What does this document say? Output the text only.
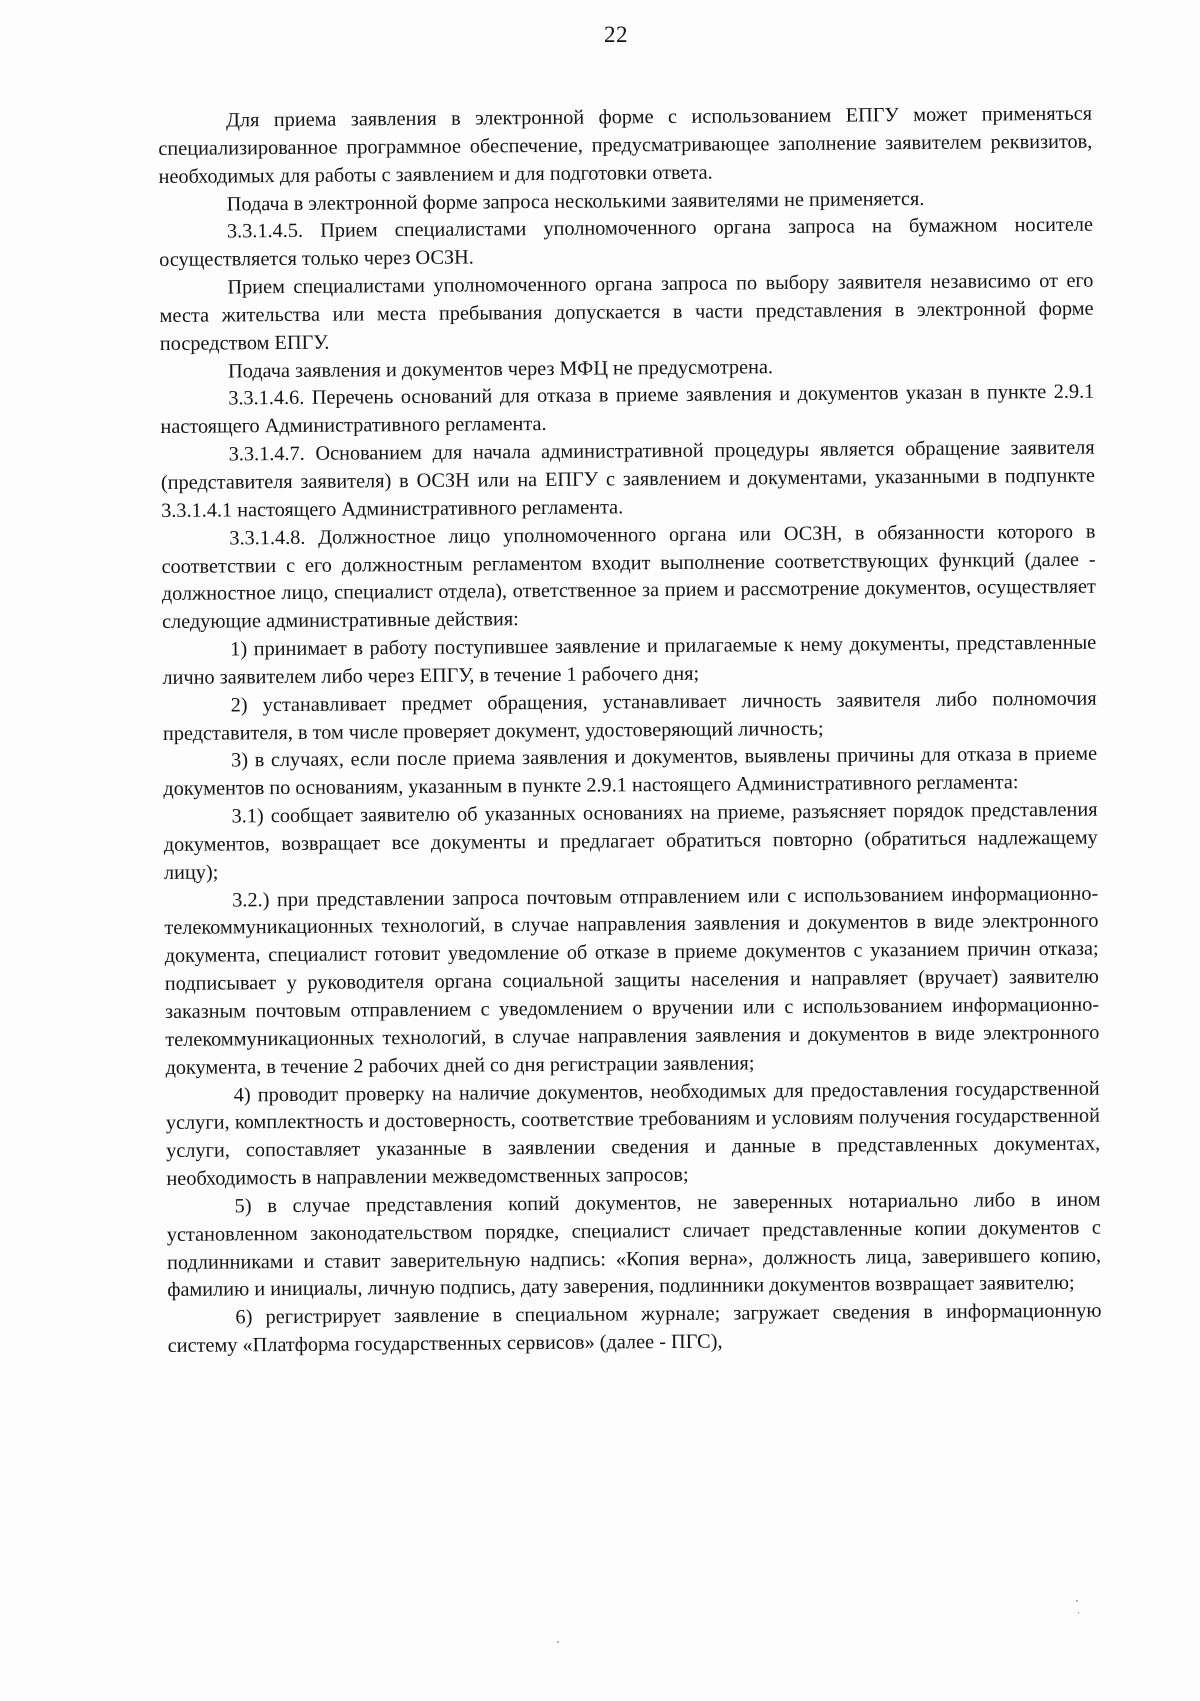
22

Для приема заявления в электронной форме с использованием ЕПГУ может применяться специализированное программное обеспечение, предусматривающее заполнение заявителем реквизитов, необходимых для работы с заявлением и для подготовки ответа.

Подача в электронной форме запроса несколькими заявителями не применяется.

3.3.1.4.5. Прием специалистами уполномоченного органа запроса на бумажном носителе осуществляется только через ОСЗН.

Прием специалистами уполномоченного органа запроса по выбору заявителя независимо от его места жительства или места пребывания допускается в части представления в электронной форме посредством ЕПГУ.

Подача заявления и документов через МФЦ не предусмотрена.

3.3.1.4.6. Перечень оснований для отказа в приеме заявления и документов указан в пункте 2.9.1 настоящего Административного регламента.

3.3.1.4.7. Основанием для начала административной процедуры является обращение заявителя (представителя заявителя) в ОСЗН или на ЕПГУ с заявлением и документами, указанными в подпункте 3.3.1.4.1 настоящего Административного регламента.

3.3.1.4.8. Должностное лицо уполномоченного органа или ОСЗН, в обязанности которого в соответствии с его должностным регламентом входит выполнение соответствующих функций (далее - должностное лицо, специалист отдела), ответственное за прием и рассмотрение документов, осуществляет следующие административные действия:

1) принимает в работу поступившее заявление и прилагаемые к нему документы, представленные лично заявителем либо через ЕПГУ, в течение 1 рабочего дня;

2) устанавливает предмет обращения, устанавливает личность заявителя либо полномочия представителя, в том числе проверяет документ, удостоверяющий личность;

3) в случаях, если после приема заявления и документов, выявлены причины для отказа в приеме документов по основаниям, указанным в пункте 2.9.1 настоящего Административного регламента:

3.1) сообщает заявителю об указанных основаниях на приеме, разъясняет порядок представления документов, возвращает все документы и предлагает обратиться повторно (обратиться надлежащему лицу);

3.2.) при представлении запроса почтовым отправлением или с использованием информационно-телекоммуникационных технологий, в случае направления заявления и документов в виде электронного документа, специалист готовит уведомление об отказе в приеме документов с указанием причин отказа; подписывает у руководителя органа социальной защиты населения и направляет (вручает) заявителю заказным почтовым отправлением с уведомлением о вручении или с использованием информационно-телекоммуникационных технологий, в случае направления заявления и документов в виде электронного документа, в течение 2 рабочих дней со дня регистрации заявления;

4) проводит проверку на наличие документов, необходимых для предоставления государственной услуги, комплектность и достоверность, соответствие требованиям и условиям получения государственной услуги, сопоставляет указанные в заявлении сведения и данные в представленных документах, необходимость в направлении межведомственных запросов;

5) в случае представления копий документов, не заверенных нотариально либо в ином установленном законодательством порядке, специалист сличает представленные копии документов с подлинниками и ставит заверительную надпись: «Копия верна», должность лица, заверившего копию, фамилию и инициалы, личную подпись, дату заверения, подлинники документов возвращает заявителю;

6) регистрирует заявление в специальном журнале; загружает сведения в информационную систему «Платформа государственных сервисов» (далее - ПГС),
